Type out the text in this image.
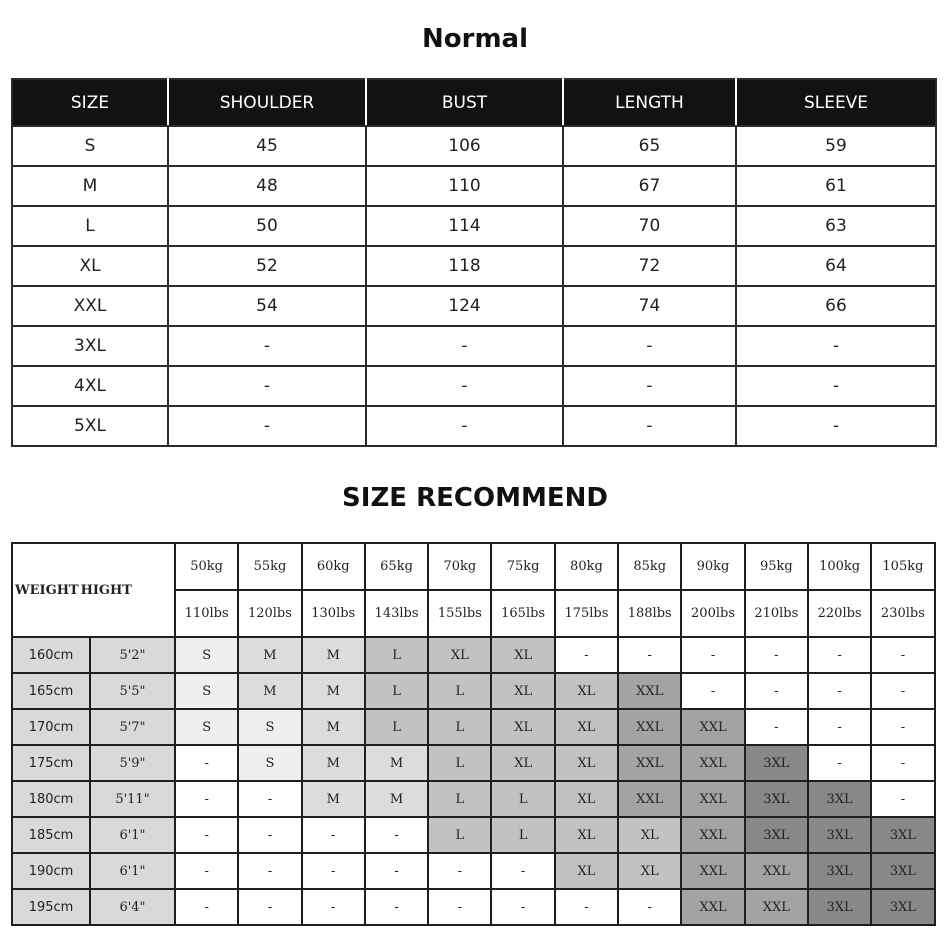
Normal
SIZE	SHOULDER	BUST	LENGTH	SLEEVE
S	45	106	65	59
M	48	110	67	61
L	50	114	70	63
XL	52	118	72	64
XXL	54	124	74	66
3XL	-	-	-	-
4XL	-	-	-	-
5XL	-	-	-	-
SIZE RECOMMEND
WEIGHT HIGHT		50kg	55kg	60kg	65kg	70kg	75kg	80kg	85kg	90kg	95kg	100kg	105kg
		110lbs	120lbs	130lbs	143lbs	155lbs	165lbs	175lbs	188lbs	200lbs	210lbs	220lbs	230lbs
160cm	5'2"	S	M	M	L	XL	XL	-	-	-	-	-	-
165cm	5'5"	S	M	M	L	L	XL	XL	XXL	-	-	-	-
170cm	5'7"	S	S	M	L	L	XL	XL	XXL	XXL	-	-	-
175cm	5'9"	-	S	M	M	L	XL	XL	XXL	XXL	3XL	-	-
180cm	5'11"	-	-	M	M	L	L	XL	XXL	XXL	3XL	3XL	-
185cm	6'1"	-	-	-	-	L	L	XL	XL	XXL	3XL	3XL	3XL
190cm	6'1"	-	-	-	-	-	-	XL	XL	XXL	XXL	3XL	3XL
195cm	6'4"	-	-	-	-	-	-	-	-	XXL	XXL	3XL	3XL
